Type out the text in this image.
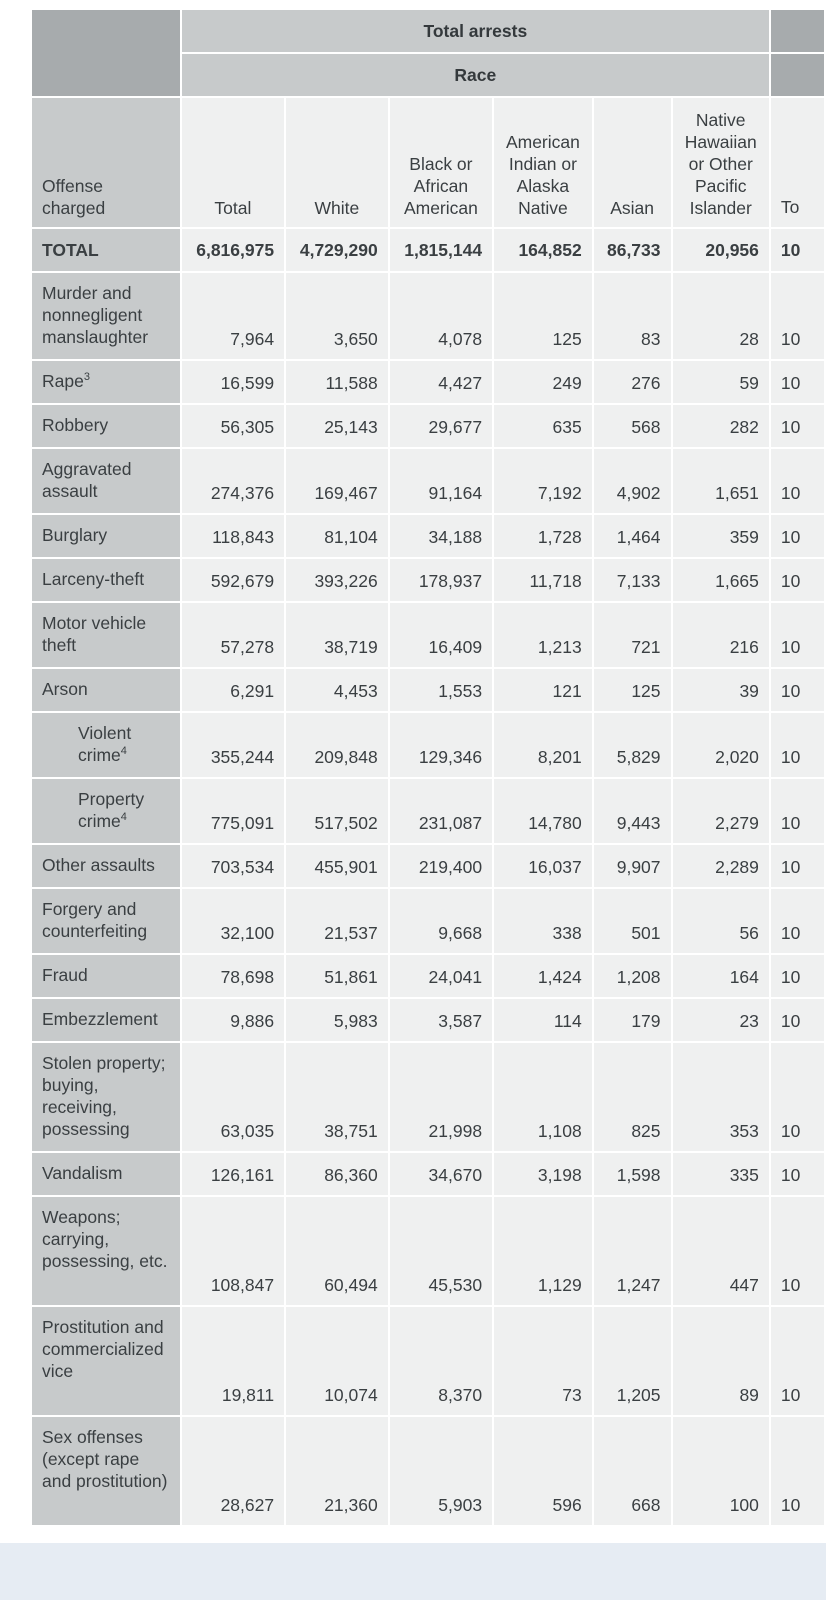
	Total arrests						
	Race						
Offense charged	Total	White	Black or African American	American Indian or Alaska Native	Asian	Native Hawaiian or Other Pacific Islander	To
TOTAL	6,816,975	4,729,290	1,815,144	164,852	86,733	20,956	10
Murder and nonnegligent manslaughter	7,964	3,650	4,078	125	83	28	10
Rape$^3$	16,599	11,588	4,427	249	276	59	10
Robbery	56,305	25,143	29,677	635	568	282	10
Aggravated assault	274,376	169,467	91,164	7,192	4,902	1,651	10
Burglary	118,843	81,104	34,188	1,728	1,464	359	10
Larceny-theft	592,679	393,226	178,937	11,718	7,133	1,665	10
Motor vehicle theft	57,278	38,719	16,409	1,213	721	216	10
Arson	6,291	4,453	1,553	121	125	39	10
Violent crime$^4$	355,244	209,848	129,346	8,201	5,829	2,020	10
Property crime$^4$	775,091	517,502	231,087	14,780	9,443	2,279	10
Other assaults	703,534	455,901	219,400	16,037	9,907	2,289	10
Forgery and counterfeiting	32,100	21,537	9,668	338	501	56	10
Fraud	78,698	51,861	24,041	1,424	1,208	164	10
Embezzlement	9,886	5,983	3,587	114	179	23	10
Stolen property; buying, receiving, possessing	63,035	38,751	21,998	1,108	825	353	10
Vandalism	126,161	86,360	34,670	3,198	1,598	335	10
Weapons; carrying, possessing, etc.	108,847	60,494	45,530	1,129	1,247	447	10
Prostitution and commercialized vice	19,811	10,074	8,370	73	1,205	89	10
Sex offenses (except rape and prostitution)	28,627	21,360	5,903	596	668	100	10
